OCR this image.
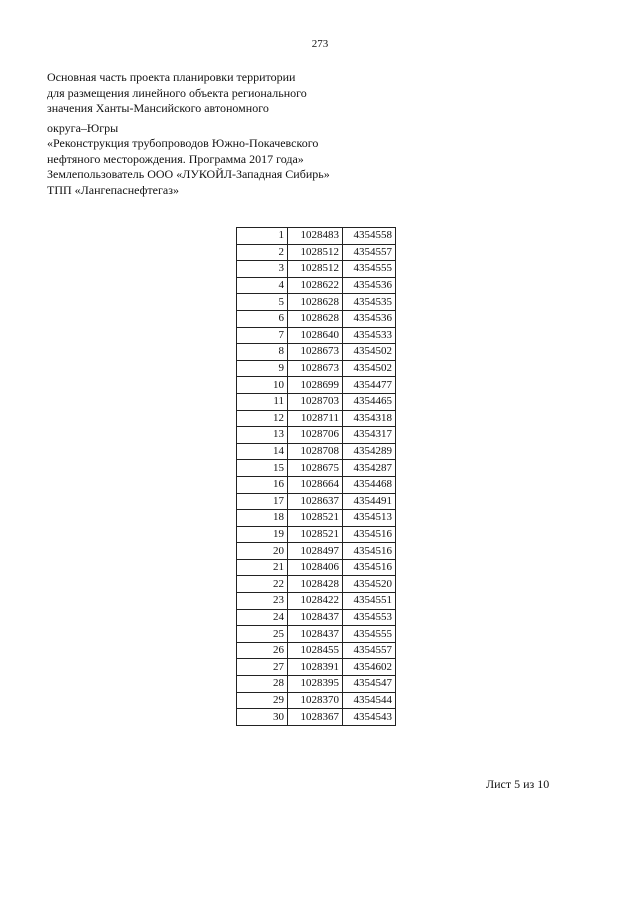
273
Основная часть проекта планировки территории
для размещения линейного объекта регионального
значения Ханты-Мансийского автономного
округа–Югры
«Реконструкция трубопроводов Южно-Покачевского
нефтяного месторождения. Программа 2017 года»
Землепользователь ООО «ЛУКОЙЛ-Западная Сибирь»
ТПП «Лангепаснефтегаз»
1	1028483	4354558
2	1028512	4354557
3	1028512	4354555
4	1028622	4354536
5	1028628	4354535
6	1028628	4354536
7	1028640	4354533
8	1028673	4354502
9	1028673	4354502
10	1028699	4354477
11	1028703	4354465
12	1028711	4354318
13	1028706	4354317
14	1028708	4354289
15	1028675	4354287
16	1028664	4354468
17	1028637	4354491
18	1028521	4354513
19	1028521	4354516
20	1028497	4354516
21	1028406	4354516
22	1028428	4354520
23	1028422	4354551
24	1028437	4354553
25	1028437	4354555
26	1028455	4354557
27	1028391	4354602
28	1028395	4354547
29	1028370	4354544
30	1028367	4354543
Лист 5 из 10
